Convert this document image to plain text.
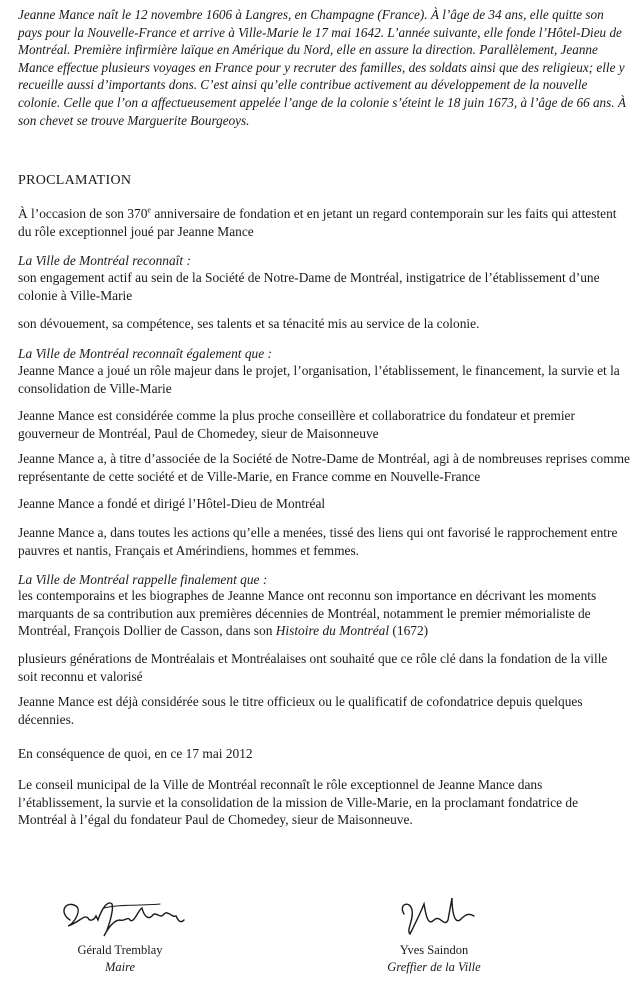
Jeanne Mance naît le 12 novembre 1606 à Langres, en Champagne (France). À l’âge de 34 ans, elle quitte son pays pour la Nouvelle-France et arrive à Ville-Marie le 17 mai 1642. L’année suivante, elle fonde l’Hôtel-Dieu de Montréal. Première infirmière laïque en Amérique du Nord, elle en assure la direction. Parallèlement, Jeanne Mance effectue plusieurs voyages en France pour y recruter des familles, des soldats ainsi que des religieux; elle y recueille aussi d’importants dons. C’est ainsi qu’elle contribue activement au développement de la nouvelle colonie. Celle que l’on a affectueusement appelée l’ange de la colonie s’éteint le 18 juin 1673, à l’âge de 66 ans. À son chevet se trouve Marguerite Bourgeoys.

PROCLAMATION

À l’occasion de son 370e anniversaire de fondation et en jetant un regard contemporain sur les faits qui attestent du rôle exceptionnel joué par Jeanne Mance

La Ville de Montréal reconnaît :

son engagement actif au sein de la Société de Notre-Dame de Montréal, instigatrice de l’établissement d’une colonie à Ville-Marie

son dévouement, sa compétence, ses talents et sa ténacité mis au service de la colonie.

La Ville de Montréal reconnaît également que :

Jeanne Mance a joué un rôle majeur dans le projet, l’organisation, l’établissement, le financement, la survie et la consolidation de Ville-Marie

Jeanne Mance est considérée comme la plus proche conseillère et collaboratrice du fondateur et premier gouverneur de Montréal, Paul de Chomedey, sieur de Maisonneuve

Jeanne Mance a, à titre d’associée de la Société de Notre-Dame de Montréal, agi à de nombreuses reprises comme représentante de cette société et de Ville-Marie, en France comme en Nouvelle-France

Jeanne Mance a fondé et dirigé l’Hôtel-Dieu de Montréal

Jeanne Mance a, dans toutes les actions qu’elle a menées, tissé des liens qui ont favorisé le rapprochement entre pauvres et nantis, Français et Amérindiens, hommes et femmes.

La Ville de Montréal rappelle finalement que :

les contemporains et les biographes de Jeanne Mance ont reconnu son importance en décrivant les moments marquants de sa contribution aux premières décennies de Montréal, notamment le premier mémorialiste de Montréal, François Dollier de Casson, dans son Histoire du Montréal (1672)

plusieurs générations de Montréalais et Montréalaises ont souhaité que ce rôle clé dans la fondation de la ville soit reconnu et valorisé

Jeanne Mance est déjà considérée sous le titre officieux ou le qualificatif de cofondatrice depuis quelques décennies.

En conséquence de quoi, en ce 17 mai 2012

Le conseil municipal de la Ville de Montréal reconnaît le rôle exceptionnel de Jeanne Mance dans l’établissement, la survie et la consolidation de la mission de Ville-Marie, en la proclamant fondatrice de Montréal à l’égal du fondateur Paul de Chomedey, sieur de Maisonneuve.

Gérald Tremblay
Maire
Yves Saindon
Greffier de la Ville
